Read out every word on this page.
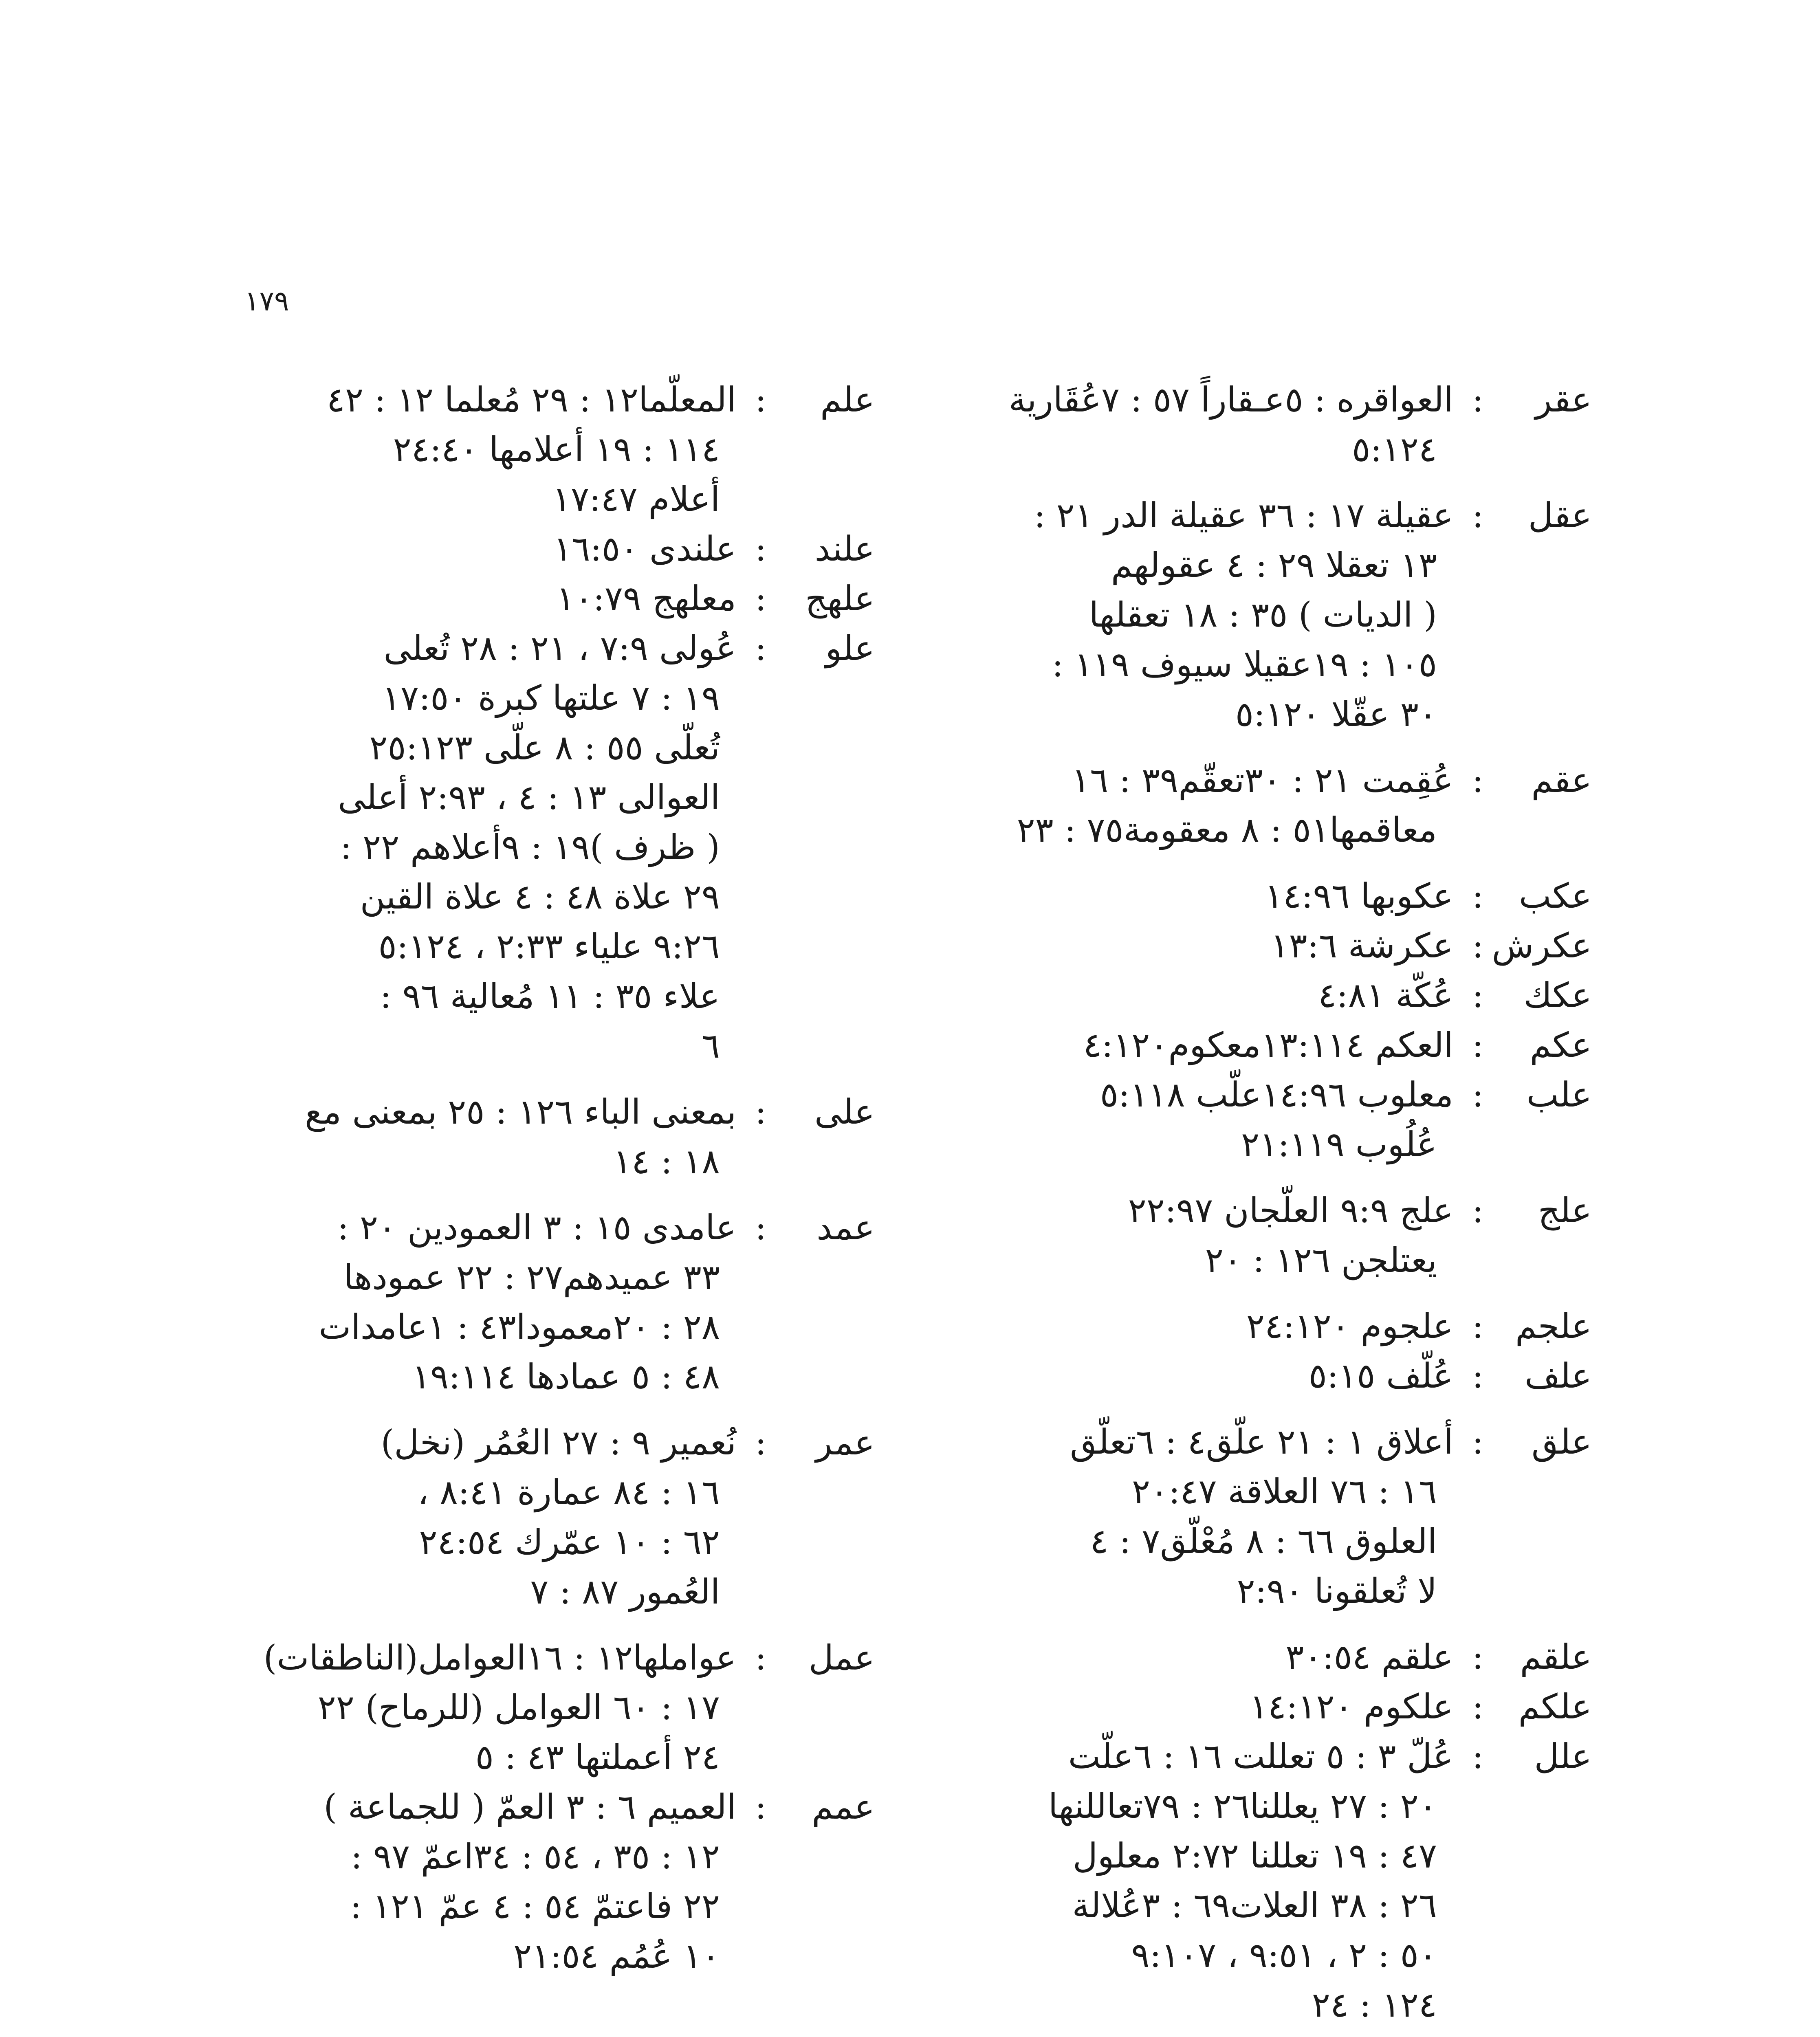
١٧٩
عقر
:
العواقره : ٥عـقاراً ٥٧ : ٧عُقَارية
٥:١٢٤
عقل
:
عقيلة ١٧ : ٣٦ عقيلة الدر ٢١ :
١٣ تعقلا ٢٩ : ٤ عقولهم
( الديات ) ٣٥ : ١٨ تعقلها
١٠٥ : ١٩عقيلا سيوف ١١٩ :
٣٠ عقّلا ٥:١٢٠
عقم
:
عُقِمت ٢١ : ٣٠تعقّم٣٩ : ١٦
معاقمها٥١ : ٨ معقومة٧٥ : ٢٣
عكب
:
عكوبها ١٤:٩٦
عكرش
:
عكرشة ١٣:٦
عكك
:
عُكّة ٤:٨١
عكم
:
العكم ١٣:١١٤معكوم٤:١٢٠
علب
:
معلوب ١٤:٩٦علّب ٥:١١٨
عُلُوب ٢١:١١٩
علج
:
علج ٩:٩ العلّجان ٢٢:٩٧
يعتلجن ١٢٦ : ٢٠
علجم
:
علجوم ٢٤:١٢٠
علف
:
عُلّف ٥:١٥
علق
:
أعلاق ١ : ٢١ علّق٤ : ٦تعلّق
١٦ : ٧٦ العلاقة ٢٠:٤٧
العلوق ٦٦ : ٨ مُعْلّق٧ : ٤
لا تُعلقونا ٢:٩٠
علقم
:
علقم ٣٠:٥٤
علكم
:
علكوم ١٤:١٢٠
علل
:
عُلّ ٣ : ٥ تعللت ١٦ : ٦علّت
٢٠ : ٢٧ يعللنا٢٦ : ٧٩تعاللنها
٤٧ : ١٩ تعللنا ٢:٧٢ معلول
٢٦ : ٣٨ العلات٦٩ : ٣عُلالة
٥٠ : ٢ ، ٩:٥١ ، ٩:١٠٧
١٢٤ : ٢٤
علم
:
المعلّما١٢ : ٢٩ مُعلما ١٢ : ٤٢
١١٤ : ١٩ أعلامها ٢٤:٤٠
أعلام ١٧:٤٧
علند
:
علندى ١٦:٥٠
علهج
:
معلهج ١٠:٧٩
علو
:
عُولى ٧:٩ ، ٢١ : ٢٨ تُعلى
١٩ : ٧ علتها كبرة ١٧:٥٠
تُعلّى ٥٥ : ٨ علّى ٢٥:١٢٣
العوالى ١٣ : ٤ ، ٢:٩٣ أعلى
( ظرف )١٩ : ٩أعلاهم ٢٢ :
٢٩ علاة ٤٨ : ٤ علاة القين
٩:٢٦ علياء ٢:٣٣ ، ٥:١٢٤
علاء ٣٥ : ١١ مُعالية ٩٦ :
٦
على
:
بمعنى الباء ١٢٦ : ٢٥ بمعنى مع
١٨ : ١٤
عمد
:
عامدى ١٥ : ٣ العمودين ٢٠ :
٣٣ عميدهم٢٧ : ٢٢ عمودها
٢٨ : ٢٠معمودا٤٣ : ١عامدات
٤٨ : ٥ عمادها ١٩:١١٤
عمر
:
نُعمير ٩ : ٢٧ العُمُر (نخل)
١٦ : ٨٤ عمارة ٨:٤١ ،
٦٢ : ١٠ عمّرك ٢٤:٥٤
العُمور ٨٧ : ٧
عمل
:
عواملها١٢ : ١٦العوامل(الناطقات)
١٧ : ٦٠ العوامل (للرماح) ٢٢
٢٤ أعملتها ٤٣ : ٥
عمم
:
العميم ٦ : ٣ العمّ ( للجماعة )
١٢ : ٣٥ ، ٥٤ : ٣٤اعمّ ٩٧ :
٢٢ فاعتمّ ٥٤ : ٤ عمّ ١٢١ :
١٠ عُمُم ٢١:٥٤
